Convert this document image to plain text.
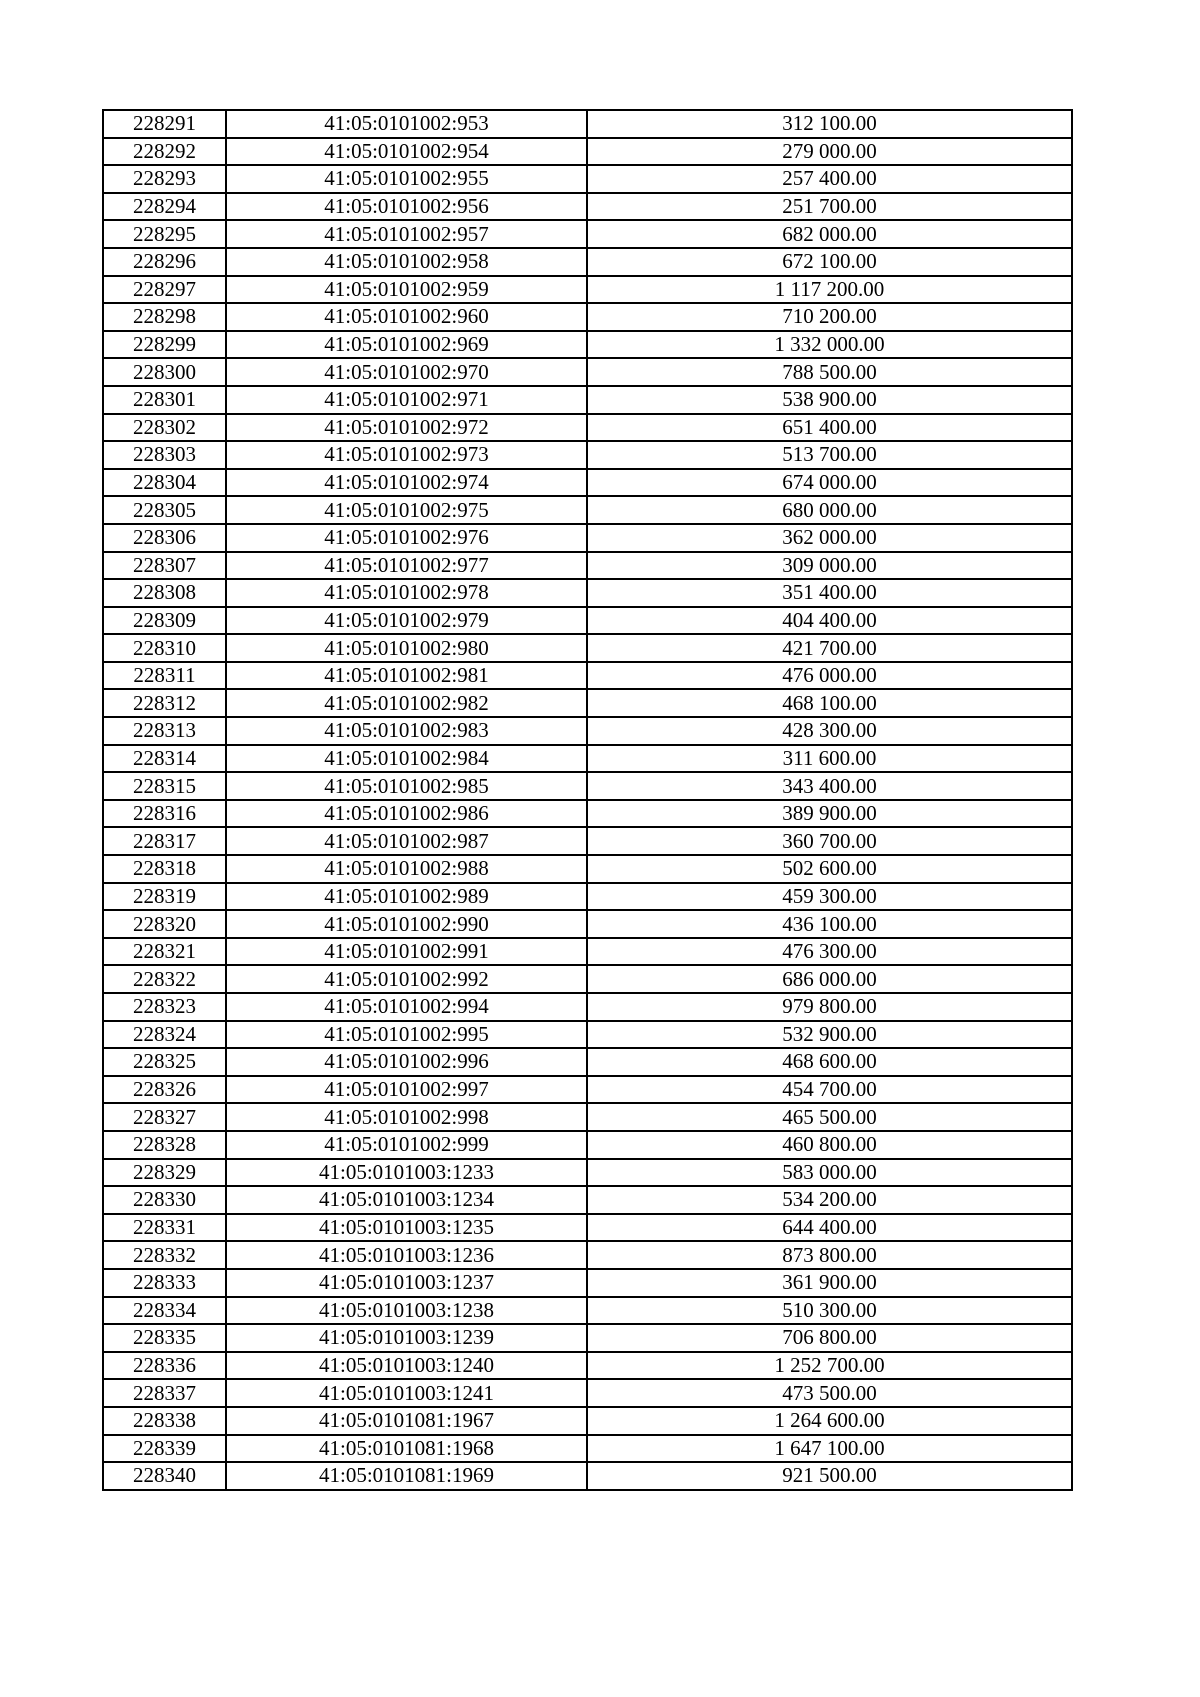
228291	41:05:0101002:953	312 100.00
228292	41:05:0101002:954	279 000.00
228293	41:05:0101002:955	257 400.00
228294	41:05:0101002:956	251 700.00
228295	41:05:0101002:957	682 000.00
228296	41:05:0101002:958	672 100.00
228297	41:05:0101002:959	1 117 200.00
228298	41:05:0101002:960	710 200.00
228299	41:05:0101002:969	1 332 000.00
228300	41:05:0101002:970	788 500.00
228301	41:05:0101002:971	538 900.00
228302	41:05:0101002:972	651 400.00
228303	41:05:0101002:973	513 700.00
228304	41:05:0101002:974	674 000.00
228305	41:05:0101002:975	680 000.00
228306	41:05:0101002:976	362 000.00
228307	41:05:0101002:977	309 000.00
228308	41:05:0101002:978	351 400.00
228309	41:05:0101002:979	404 400.00
228310	41:05:0101002:980	421 700.00
228311	41:05:0101002:981	476 000.00
228312	41:05:0101002:982	468 100.00
228313	41:05:0101002:983	428 300.00
228314	41:05:0101002:984	311 600.00
228315	41:05:0101002:985	343 400.00
228316	41:05:0101002:986	389 900.00
228317	41:05:0101002:987	360 700.00
228318	41:05:0101002:988	502 600.00
228319	41:05:0101002:989	459 300.00
228320	41:05:0101002:990	436 100.00
228321	41:05:0101002:991	476 300.00
228322	41:05:0101002:992	686 000.00
228323	41:05:0101002:994	979 800.00
228324	41:05:0101002:995	532 900.00
228325	41:05:0101002:996	468 600.00
228326	41:05:0101002:997	454 700.00
228327	41:05:0101002:998	465 500.00
228328	41:05:0101002:999	460 800.00
228329	41:05:0101003:1233	583 000.00
228330	41:05:0101003:1234	534 200.00
228331	41:05:0101003:1235	644 400.00
228332	41:05:0101003:1236	873 800.00
228333	41:05:0101003:1237	361 900.00
228334	41:05:0101003:1238	510 300.00
228335	41:05:0101003:1239	706 800.00
228336	41:05:0101003:1240	1 252 700.00
228337	41:05:0101003:1241	473 500.00
228338	41:05:0101081:1967	1 264 600.00
228339	41:05:0101081:1968	1 647 100.00
228340	41:05:0101081:1969	921 500.00
